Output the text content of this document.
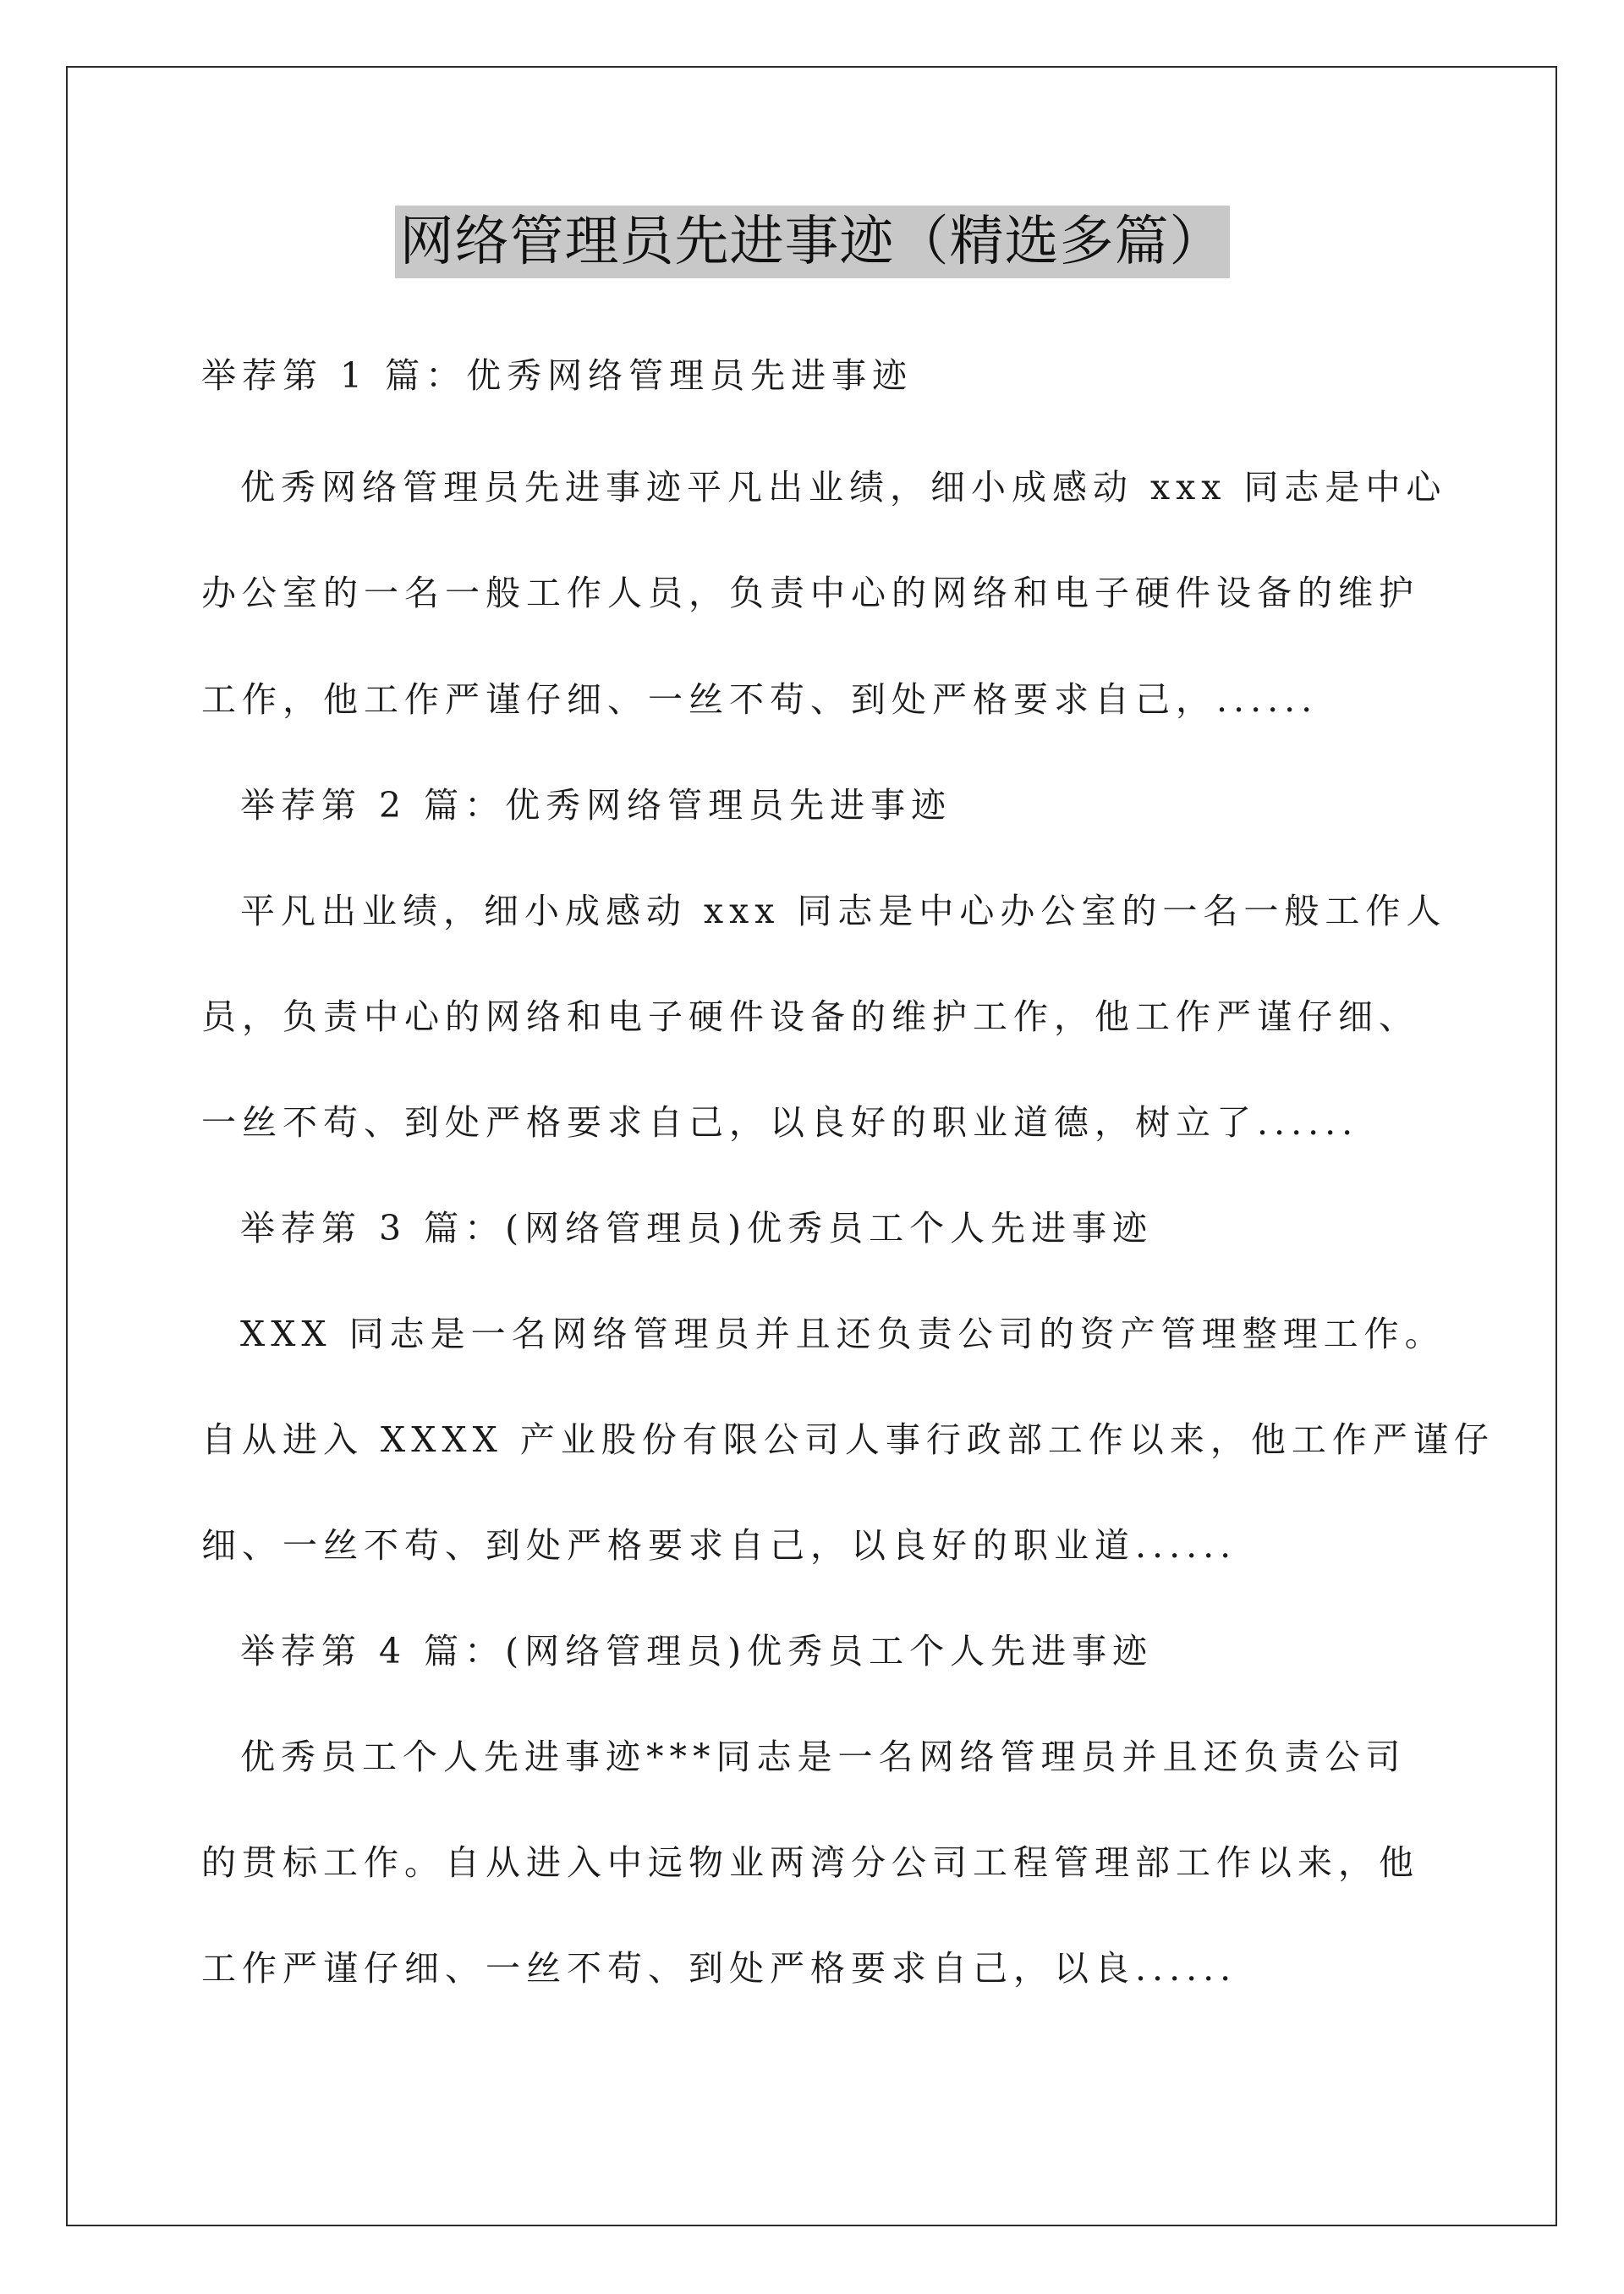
网络管理员先进事迹（精选多篇）
举荐第 1 篇：优秀网络管理员先进事迹
优秀网络管理员先进事迹平凡出业绩，细小成感动 xxx 同志是中心
办公室的一名一般工作人员，负责中心的网络和电子硬件设备的维护
工作，他工作严谨仔细、一丝不苟、到处严格要求自己，......
举荐第 2 篇：优秀网络管理员先进事迹
平凡出业绩，细小成感动 xxx 同志是中心办公室的一名一般工作人
员，负责中心的网络和电子硬件设备的维护工作，他工作严谨仔细、
一丝不苟、到处严格要求自己，以良好的职业道德，树立了......
举荐第 3 篇：(网络管理员)优秀员工个人先进事迹
XXX 同志是一名网络管理员并且还负责公司的资产管理整理工作。
自从进入 XXXX 产业股份有限公司人事行政部工作以来，他工作严谨仔
细、一丝不苟、到处严格要求自己，以良好的职业道......
举荐第 4 篇：(网络管理员)优秀员工个人先进事迹
优秀员工个人先进事迹***同志是一名网络管理员并且还负责公司
的贯标工作。自从进入中远物业两湾分公司工程管理部工作以来，他
工作严谨仔细、一丝不苟、到处严格要求自己，以良......
